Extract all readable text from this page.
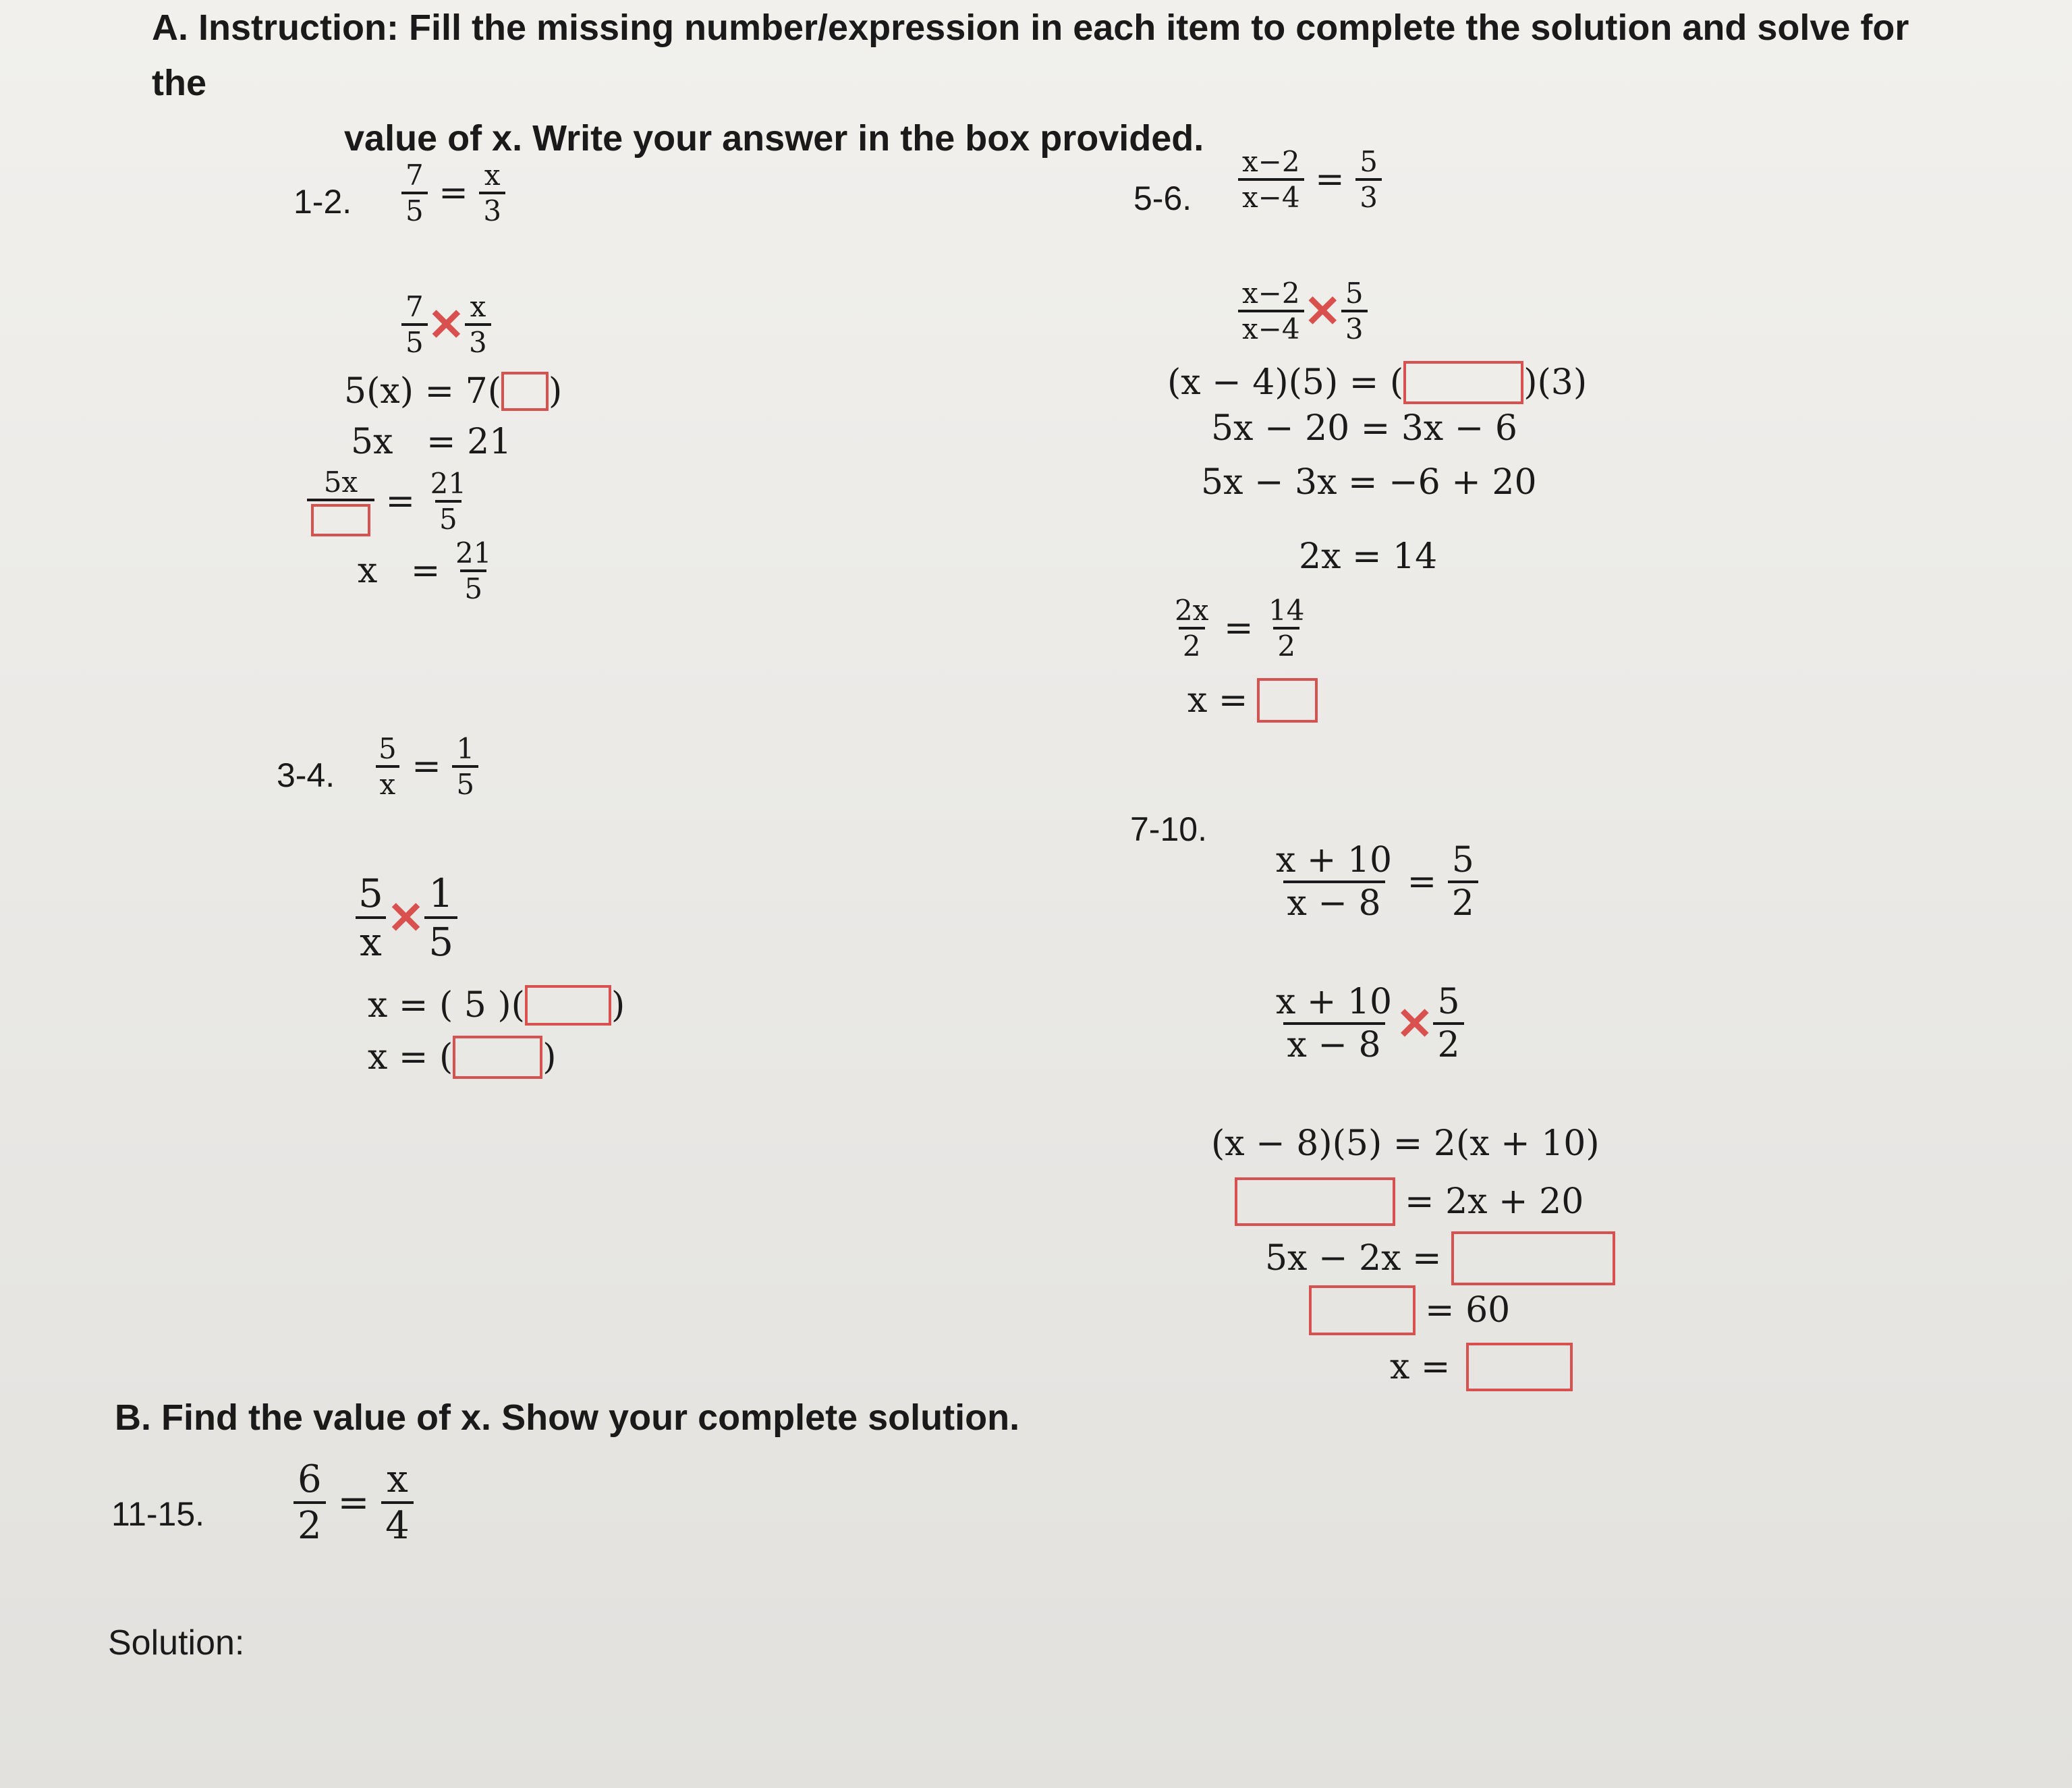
A. Instruction: Fill the missing number/expression in each item to complete the solution and solve for the
value of x. Write your answer in the box provided.
1-2. $\frac{7}{5} = \frac{x}{3}$
$\frac{7}{5}$ ✕ $\frac{x}{3}$
5(x) = 7( )
5x   = 21
$5x = \frac{21}{5}$
$x = \frac{21}{5}$
3-4. $\frac{5}{x} = \frac{1}{5}$
$\frac{5}{x}$ ✕ $\frac{1}{5}$
x = ( 5 )( )
x = (	)
5-6. $\frac{x-2}{x-4} = \frac{5}{3}$
$\frac{x-2}{x-4}$ ✕ $\frac{5}{3}$
(x − 4)(5) = (	)(3)
5x − 20 = 3x − 6
5x − 3x = −6 + 20
2x = 14
$\frac{2x}{2} = \frac{14}{2}$
x =
7-10.
$\frac{x + 10}{x - 8} = \frac{5}{2}$
$\frac{x + 10}{x - 8}$ ✕ $\frac{5}{2}$
(x − 8)(5) = 2(x + 10)
= 2x + 20
5x − 2x =
= 60
x =
B. Find the value of x. Show your complete solution.
11-15. $\frac{6}{2} = \frac{x}{4}$
Solution:
